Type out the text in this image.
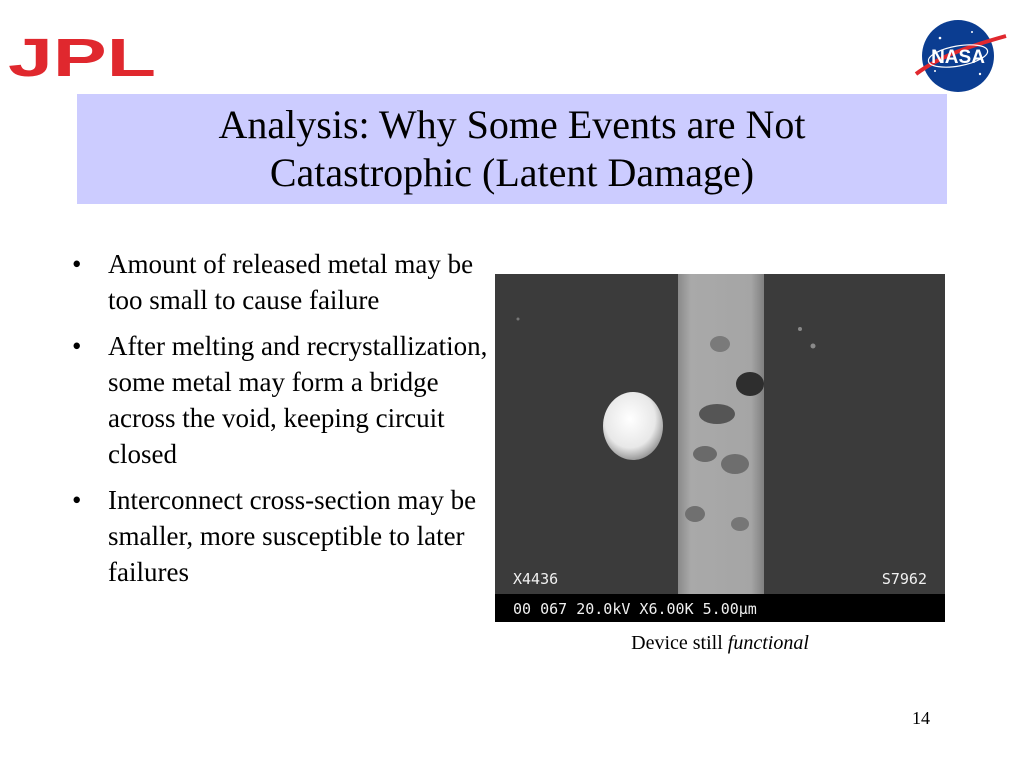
JPL	NASA
Analysis: Why Some Events are Not Catastrophic (Latent Damage)
• Amount of released metal may be too small to cause failure
• After melting and recrystallization, some metal may form a bridge across the void, keeping circuit closed
• Interconnect cross-section may be smaller, more susceptible to later failures	X4436	S7962
00 067 20.0kV X6.00K 5.00µm
Device still functional
14
